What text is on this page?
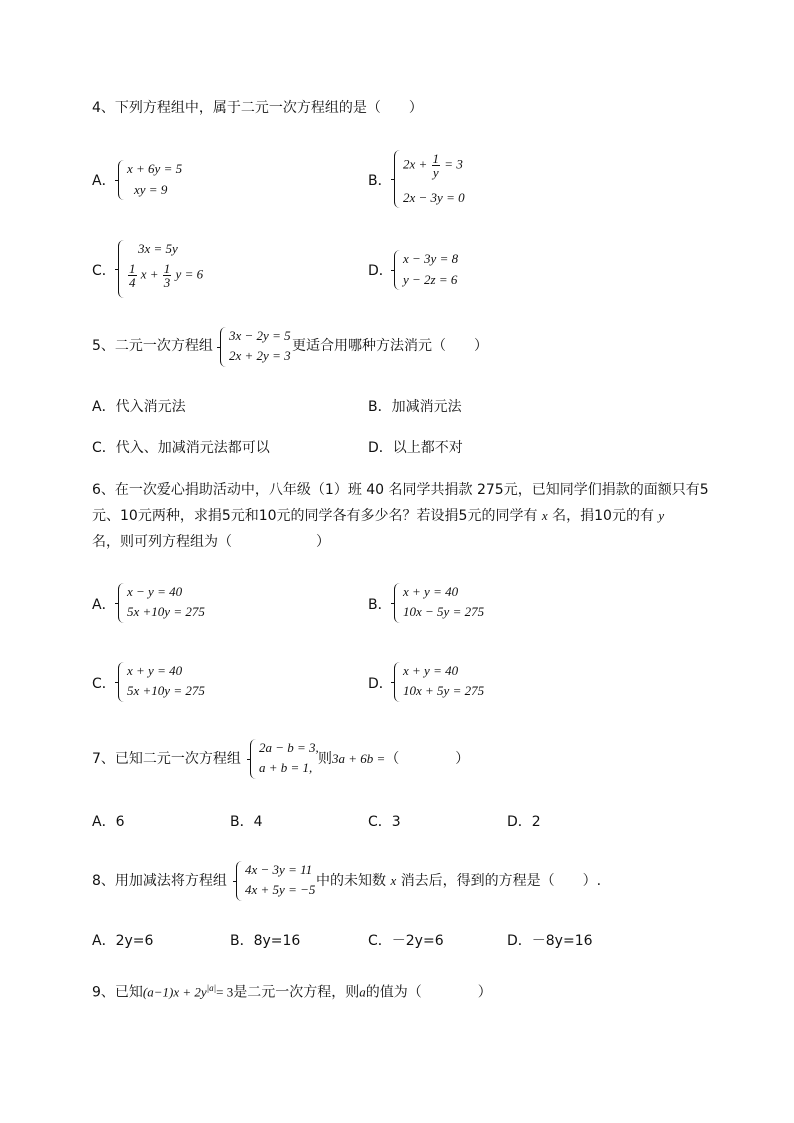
4、下列方程组中，属于二元一次方程组的是（　　）
A．
x + 6y = 5
xy = 9
B．
$2x + \frac{1}{y} = 3$
2x − 3y = 0
C．
3x = 5y
$\frac{1}{4}$ $x + \frac{1}{3}$ y = 6	D．
x − 3y = 8
y − 2z = 6
5、二元一次方程组
3x − 2y = 5
2x + 2y = 3
更适合用哪种方法消元（　　）
A．代入消元法	B．加减消元法
C．代入、加减消元法都可以	D．以上都不对
6、在一次爱心捐助活动中，八年级（1）班 40 名同学共捐款 275元，已知同学们捐款的面额只有5
元、10元两种，求捐5元和10元的同学各有多少名？若设捐5元的同学有 x 名，捐10元的有 y
名，则可列方程组为（　　　　　　）
A．
x − y = 40
5x +10y = 275	B．
x + y = 40
10x − 5y = 275
C．
x + y = 40
5x +10y = 275	D．
x + y = 40
10x + 5y = 275
7、已知二元一次方程组
2a − b = 3,
a + b = 1,
则3a + 6b =（　　　　）
A．6	B．4	C．3	D．2
8、用加减法将方程组
4x − 3y = 11
4x + 5y = −5
中的未知数 x 消去后，得到的方程是（　　）.
A．2y=6	B．8y=16	C．－2y=6	D．－8y=16
9、已知$(a-1)x + 2y^{|a|}= 3$是二元一次方程，则a的值为（　　　　）
